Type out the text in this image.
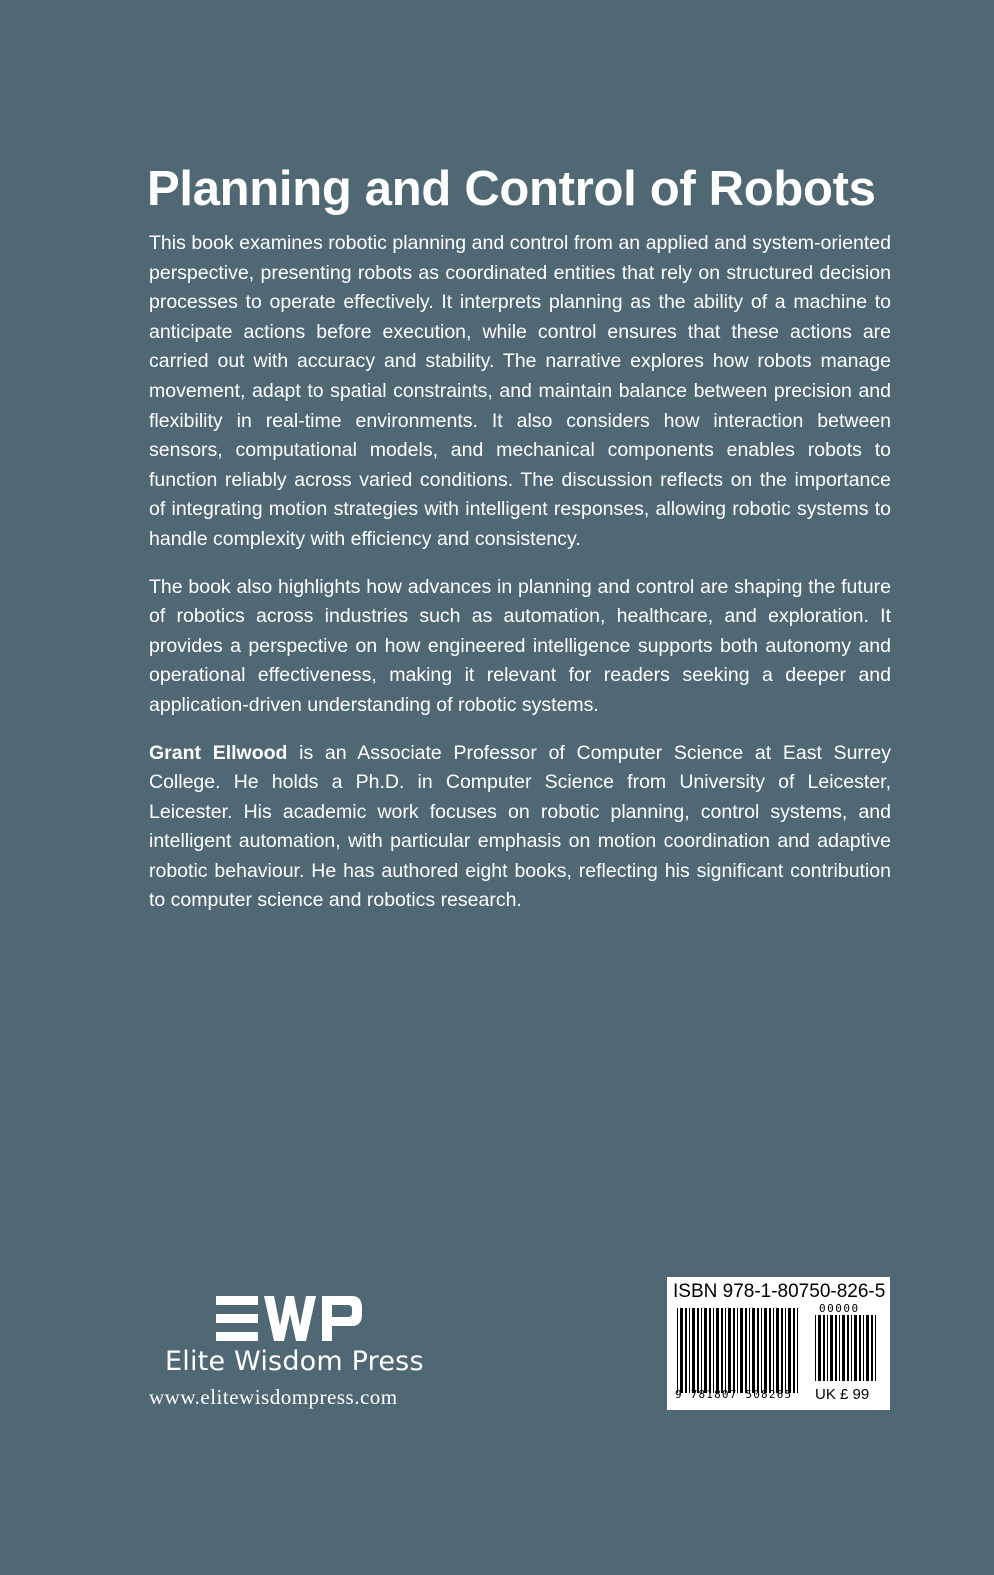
Planning and Control of Robots

This book examines robotic planning and control from an applied and system-oriented perspective, presenting robots as coordinated entities that rely on structured decision processes to operate effectively. It interprets planning as the ability of a machine to anticipate actions before execution, while control ensures that these actions are carried out with accuracy and stability. The narrative explores how robots manage movement, adapt to spatial constraints, and maintain balance between precision and flexibility in real-time environments. It also considers how interaction between sensors, computational models, and mechanical components enables robots to function reliably across varied conditions. The discussion reflects on the importance of integrating motion strategies with intelligent responses, allowing robotic systems to handle complexity with efficiency and consistency.

The book also highlights how advances in planning and control are shaping the future of robotics across industries such as automation, healthcare, and exploration. It provides a perspective on how engineered intelligence supports both autonomy and operational effectiveness, making it relevant for readers seeking a deeper and application-driven understanding of robotic systems.

Grant Ellwood is an Associate Professor of Computer Science at East Surrey College. He holds a Ph.D. in Computer Science from University of Leicester, Leicester. His academic work focuses on robotic planning, control systems, and intelligent automation, with particular emphasis on motion coordination and adaptive robotic behaviour. He has authored eight books, reflecting his significant contribution to computer science and robotics research.

Elite Wisdom Press
www.elitewisdompress.com
ISBN 978-1-80750-826-5
00000
9 781807 508265 UK £ 99
